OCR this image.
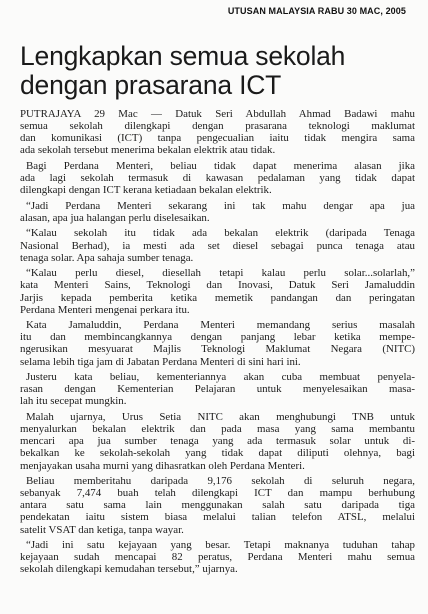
UTUSAN MALAYSIA RABU 30 MAC, 2005
Lengkapkan semua sekolah
dengan prasarana ICT
PUTRAJAYA 29 Mac — Datuk Seri Abdullah Ahmad Badawi mahu
semua sekolah dilengkapi dengan prasarana teknologi maklumat
dan komunikasi (ICT) tanpa pengecualian iaitu tidak mengira sama
ada sekolah tersebut menerima bekalan elektrik atau tidak.
Bagi Perdana Menteri, beliau tidak dapat menerima alasan jika
ada lagi sekolah termasuk di kawasan pedalaman yang tidak dapat
dilengkapi dengan ICT kerana ketiadaan bekalan elektrik.
“Jadi Perdana Menteri sekarang ini tak mahu dengar apa jua
alasan, apa jua halangan perlu diselesaikan.
“Kalau sekolah itu tidak ada bekalan elektrik (daripada Tenaga
Nasional Berhad), ia mesti ada set diesel sebagai punca tenaga atau
tenaga solar. Apa sahaja sumber tenaga.
“Kalau perlu diesel, diesellah tetapi kalau perlu solar...solarlah,”
kata Menteri Sains, Teknologi dan Inovasi, Datuk Seri Jamaluddin
Jarjis kepada pemberita ketika memetik pandangan dan peringatan
Perdana Menteri mengenai perkara itu.
Kata Jamaluddin, Perdana Menteri memandang serius masalah
itu dan membincangkannya dengan panjang lebar ketika mempe-
ngerusikan mesyuarat Majlis Teknologi Maklumat Negara (NITC)
selama lebih tiga jam di Jabatan Perdana Menteri di sini hari ini.
Justeru kata beliau, kementeriannya akan cuba membuat penyela-
rasan dengan Kementerian Pelajaran untuk menyelesaikan masa-
lah itu secepat mungkin.
Malah ujarnya, Urus Setia NITC akan menghubungi TNB untuk
menyalurkan bekalan elektrik dan pada masa yang sama membantu
mencari apa jua sumber tenaga yang ada termasuk solar untuk di-
bekalkan ke sekolah-sekolah yang tidak dapat diliputi olehnya, bagi
menjayakan usaha murni yang dihasratkan oleh Perdana Menteri.
Beliau memberitahu daripada 9,176 sekolah di seluruh negara,
sebanyak 7,474 buah telah dilengkapi ICT dan mampu berhubung
antara satu sama lain menggunakan salah satu daripada tiga
pendekatan iaitu sistem biasa melalui talian telefon ATSL, melalui
satelit VSAT dan ketiga, tanpa wayar.
“Jadi ini satu kejayaan yang besar. Tetapi maknanya tuduhan tahap
kejayaan sudah mencapai 82 peratus, Perdana Menteri mahu semua
sekolah dilengkapi kemudahan tersebut,” ujarnya.
